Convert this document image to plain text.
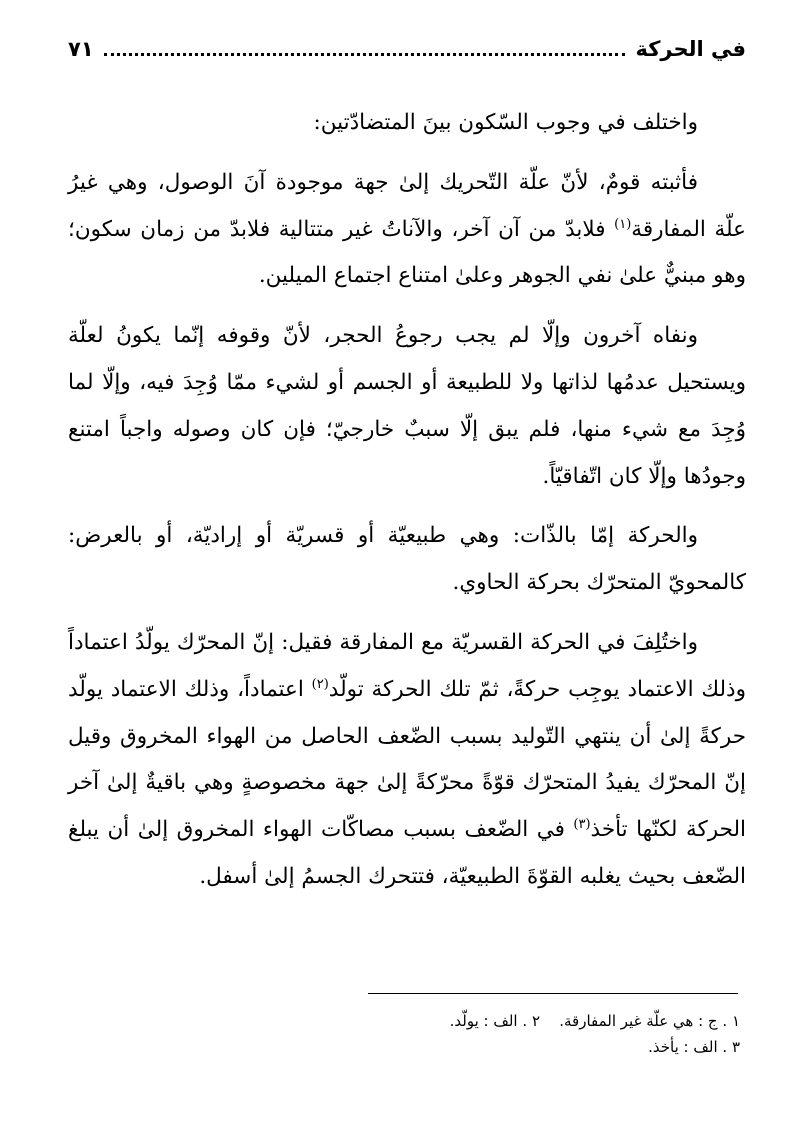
في الحركة
٧١

واختلف في وجوب السّكون بينَ المتضادّتين:

فأثبته قومٌ، لأنّ علّة التّحريك إلىٰ جهة موجودة آنَ الوصول، وهي غيرُ علّة المفارقة$^{(١)}$ فلابدّ من آن آخر، والآناتُ غير متتالية فلابدّ من زمان سكون؛ وهو مبنيٌّ علىٰ نفي الجوهر وعلىٰ امتناع اجتماع الميلين.

ونفاه آخرون وإلّا لم يجب رجوعُ الحجر، لأنّ وقوفه إنّما يكونُ لعلّة ويستحيل عدمُها لذاتها ولا للطبيعة أو الجسم أو لشيء ممّا وُجِدَ فيه، وإلّا لما وُجِدَ مع شيء منها، فلم يبق إلّا سببٌ خارجيّ؛ فإن كان وصوله واجباً امتنع وجودُها وإلّا كان اتّفاقيّاً.

والحركة إمّا بالذّات: وهي طبيعيّة أو قسريّة أو إراديّة، أو بالعرض: كالمحويّ المتحرّك بحركة الحاوي.

واختُلِفَ في الحركة القسريّة مع المفارقة فقيل: إنّ المحرّك يولّدُ اعتماداً وذلك الاعتماد يوجِب حركةً، ثمّ تلك الحركة تولّد$^{(٢)}$ اعتماداً، وذلك الاعتماد يولّد حركةً إلىٰ أن ينتهي التّوليد بسبب الضّعف الحاصل من الهواء المخروق وقيل إنّ المحرّك يفيدُ المتحرّك قوّةً محرّكةً إلىٰ جهة مخصوصةٍ وهي باقيةٌ إلىٰ آخر الحركة لكنّها تأخذ$^{(٣)}$ في الضّعف بسبب مصاكّات الهواء المخروق إلىٰ أن يبلغ الضّعف بحيث يغلبه القوّةَ الطبيعيّة، فتتحرك الجسمُ إلىٰ أسفل.

١ . ج : هي علّة غير المفارقة.
٢ . الف : يولّد.
٣ . الف : يأخذ.
